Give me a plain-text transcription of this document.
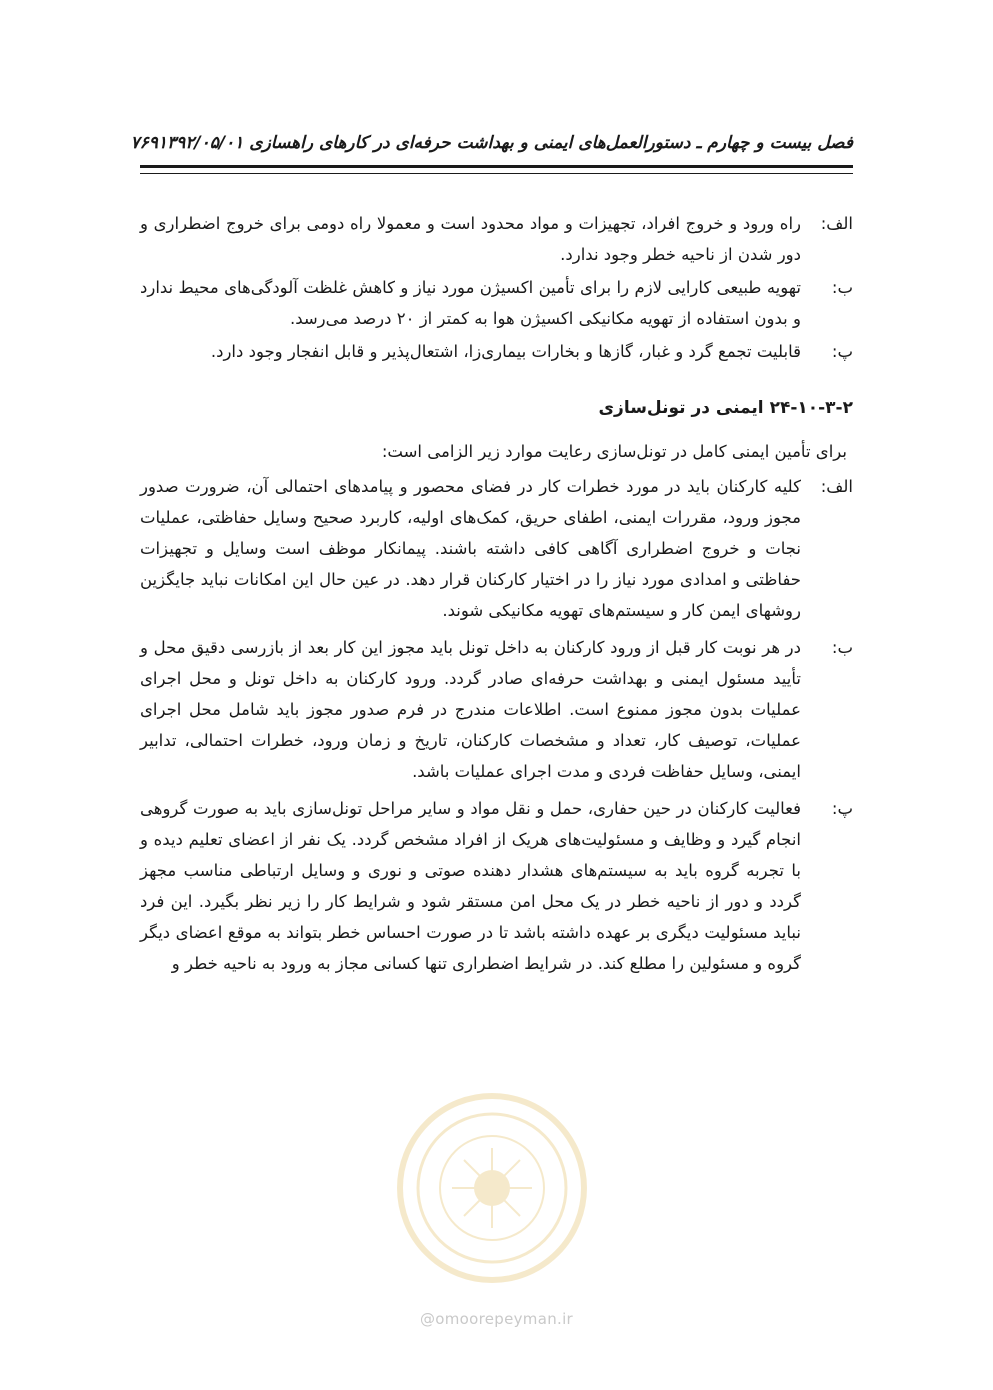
فصل بیست و چهارم ـ دستورالعمل‌های ایمنی و بهداشت حرفه‌ای در کارهای راهسازی ۱۳۹۲/۰۵/۰۱
۷۶۹
الف:
راه ورود و خروج افراد، تجهیزات و مواد محدود است و معمولا راه دومی برای خروج اضطراری و دور شدن از ناحیه خطر وجود ندارد.
ب:
تهویه طبیعی کارایی لازم را برای تأمین اکسیژن مورد نیاز و کاهش غلظت آلودگی‌های محیط ندارد و بدون استفاده از تهویه مکانیکی اکسیژن هوا به کمتر از ۲۰ درصد می‌رسد.
پ:
قابلیت تجمع گرد و غبار، گازها و بخارات بیماری‌زا، اشتعال‌پذیر و قابل انفجار وجود دارد.
۲۴-۱۰-۳-۲ ایمنی در تونل‌سازی
برای تأمین ایمنی کامل در تونل‌سازی رعایت موارد زیر الزامی است:
الف:
کلیه کارکنان باید در مورد خطرات کار در فضای محصور و پیامدهای احتمالی آن، ضرورت صدور مجوز ورود، مقررات ایمنی، اطفای حریق، کمک‌های اولیه، کاربرد صحیح وسایل حفاظتی، عملیات نجات و خروج اضطراری آگاهی کافی داشته باشند. پیمانکار موظف است وسایل و تجهیزات حفاظتی و امدادی مورد نیاز را در اختیار کارکنان قرار دهد. در عین حال این امکانات نباید جایگزین روشهای ایمن کار و سیستم‌های تهویه مکانیکی شوند.
ب:
در هر نوبت کار قبل از ورود کارکنان به داخل تونل باید مجوز این کار بعد از بازرسی دقیق محل و تأیید مسئول ایمنی و بهداشت حرفه‌ای صادر گردد. ورود کارکنان به داخل تونل و محل اجرای عملیات بدون مجوز ممنوع است. اطلاعات مندرج در فرم صدور مجوز باید شامل محل اجرای عملیات، توصیف کار، تعداد و مشخصات کارکنان، تاریخ و زمان ورود، خطرات احتمالی، تدابیر ایمنی، وسایل حفاظت فردی و مدت اجرای عملیات باشد.
پ:
فعالیت کارکنان در حین حفاری، حمل و نقل مواد و سایر مراحل تونل‌سازی باید به صورت گروهی انجام گیرد و وظایف و مسئولیت‌های هریک از افراد مشخص گردد. یک نفر از اعضای تعلیم دیده و با تجربه گروه باید به سیستم‌های هشدار دهنده صوتی و نوری و وسایل ارتباطی مناسب مجهز گردد و دور از ناحیه خطر در یک محل امن مستقر شود و شرایط کار را زیر نظر بگیرد. این فرد نباید مسئولیت دیگری بر عهده داشته باشد تا در صورت احساس خطر بتواند به موقع اعضای دیگر گروه و مسئولین را مطلع کند. در شرایط اضطراری تنها کسانی مجاز به ورود به ناحیه خطر و
@omoorepeyman.ir
